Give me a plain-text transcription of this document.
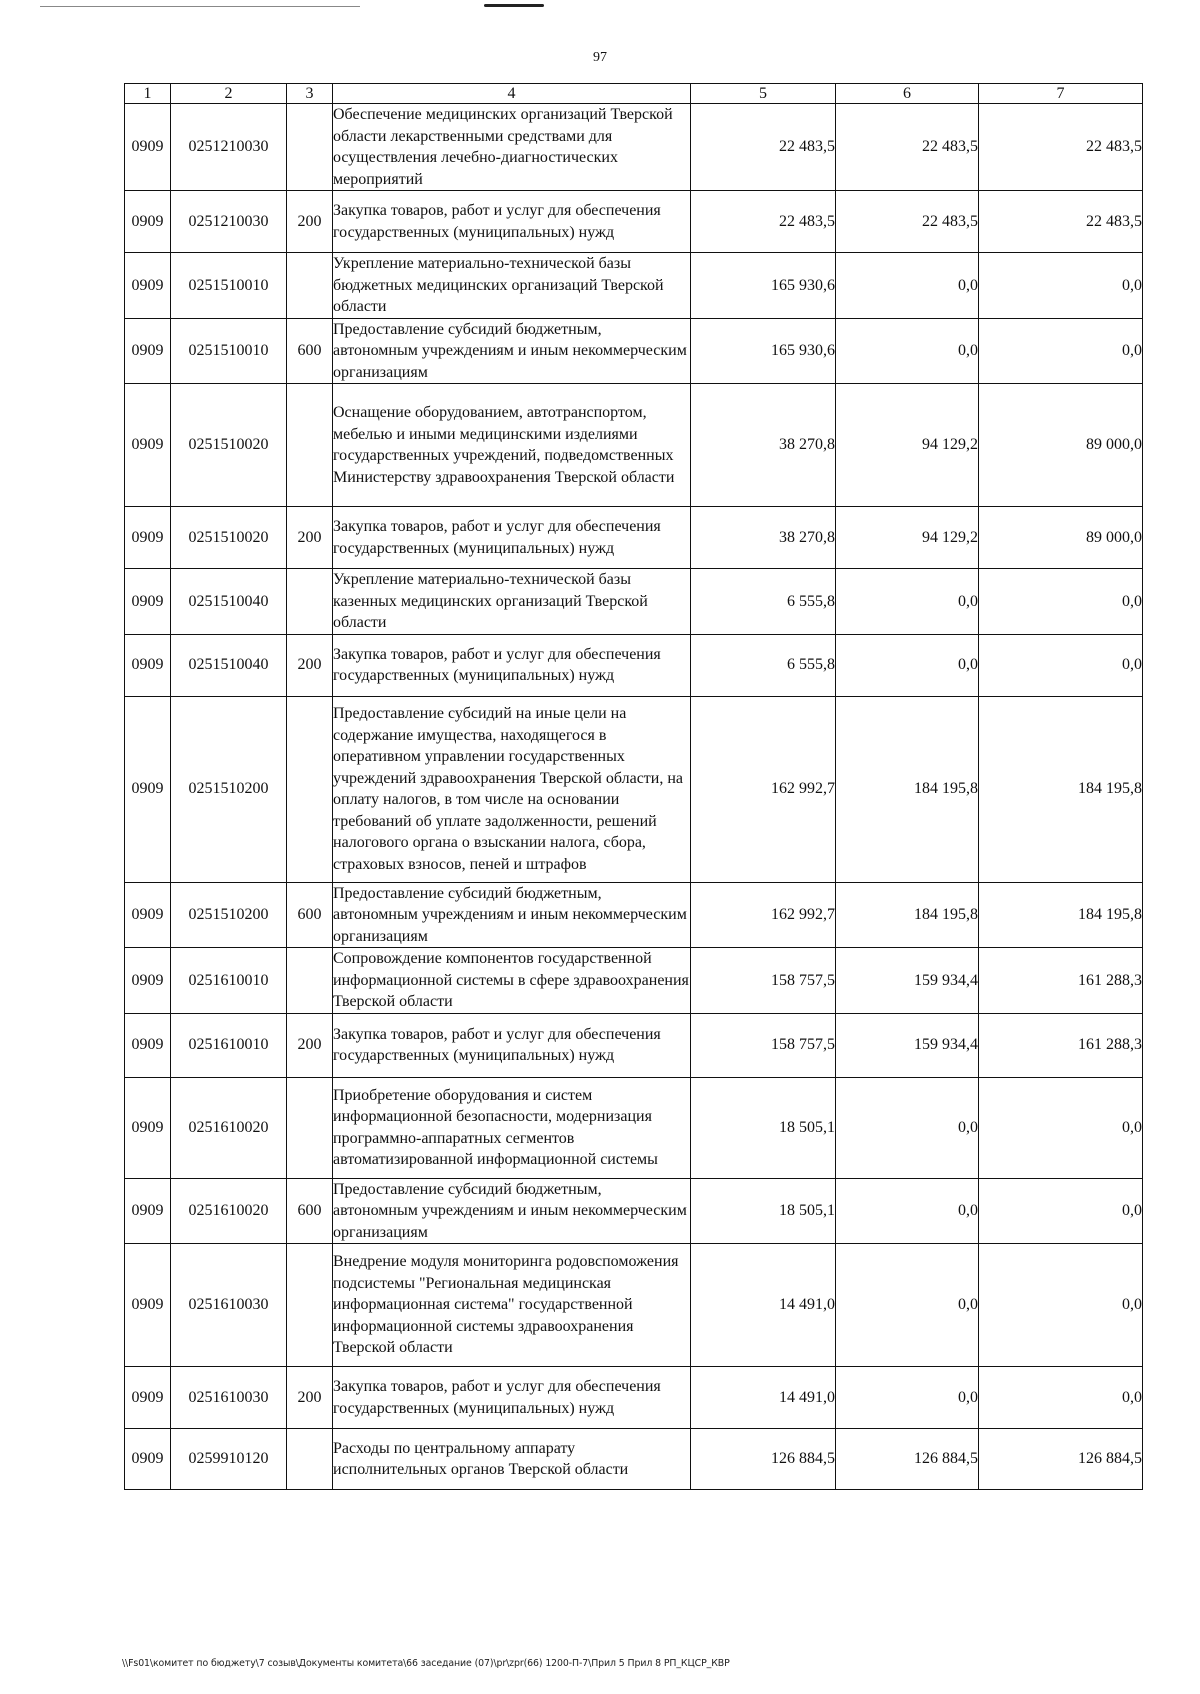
97
1	2	3	4	5	6	7
0909	0251210030		Обеспечение медицинских организаций Тверской области лекарственными средствами для осуществления лечебно-диагностических мероприятий	22 483,5	22 483,5	22 483,5
0909	0251210030	200	Закупка товаров, работ и услуг для обеспечения государственных (муниципальных) нужд	22 483,5	22 483,5	22 483,5
0909	0251510010		Укрепление материально-технической базы бюджетных медицинских организаций Тверской области	165 930,6	0,0	0,0
0909	0251510010	600	Предоставление субсидий бюджетным, автономным учреждениям и иным некоммерческим организациям	165 930,6	0,0	0,0
0909	0251510020		Оснащение оборудованием, автотранспортом, мебелью и иными медицинскими изделиями государственных учреждений, подведомственных Министерству здравоохранения Тверской области	38 270,8	94 129,2	89 000,0
0909	0251510020	200	Закупка товаров, работ и услуг для обеспечения государственных (муниципальных) нужд	38 270,8	94 129,2	89 000,0
0909	0251510040		Укрепление материально-технической базы казенных медицинских организаций Тверской области	6 555,8	0,0	0,0
0909	0251510040	200	Закупка товаров, работ и услуг для обеспечения государственных (муниципальных) нужд	6 555,8	0,0	0,0
0909	0251510200		Предоставление субсидий на иные цели на содержание имущества, находящегося в оперативном управлении государственных учреждений здравоохранения Тверской области, на оплату налогов, в том числе на основании требований об уплате задолженности, решений налогового органа о взыскании налога, сбора, страховых взносов, пеней и штрафов	162 992,7	184 195,8	184 195,8
0909	0251510200	600	Предоставление субсидий бюджетным, автономным учреждениям и иным некоммерческим организациям	162 992,7	184 195,8	184 195,8
0909	0251610010		Сопровождение компонентов государственной информационной системы в сфере здравоохранения Тверской области	158 757,5	159 934,4	161 288,3
0909	0251610010	200	Закупка товаров, работ и услуг для обеспечения государственных (муниципальных) нужд	158 757,5	159 934,4	161 288,3
0909	0251610020		Приобретение оборудования и систем информационной безопасности, модернизация программно-аппаратных сегментов автоматизированной информационной системы	18 505,1	0,0	0,0
0909	0251610020	600	Предоставление субсидий бюджетным, автономным учреждениям и иным некоммерческим организациям	18 505,1	0,0	0,0
0909	0251610030		Внедрение модуля мониторинга родовспоможения подсистемы "Региональная медицинская информационная система" государственной информационной системы здравоохранения Тверской области	14 491,0	0,0	0,0
0909	0251610030	200	Закупка товаров, работ и услуг для обеспечения государственных (муниципальных) нужд	14 491,0	0,0	0,0
0909	0259910120		Расходы по центральному аппарату исполнительных органов Тверской области	126 884,5	126 884,5	126 884,5
\\Fs01\комитет по бюджету\7 созыв\Документы комитета\66 заседание (07)\pr\zpr(66) 1200-П-7\Прил 5 Прил 8 РП_КЦСР_КВР
